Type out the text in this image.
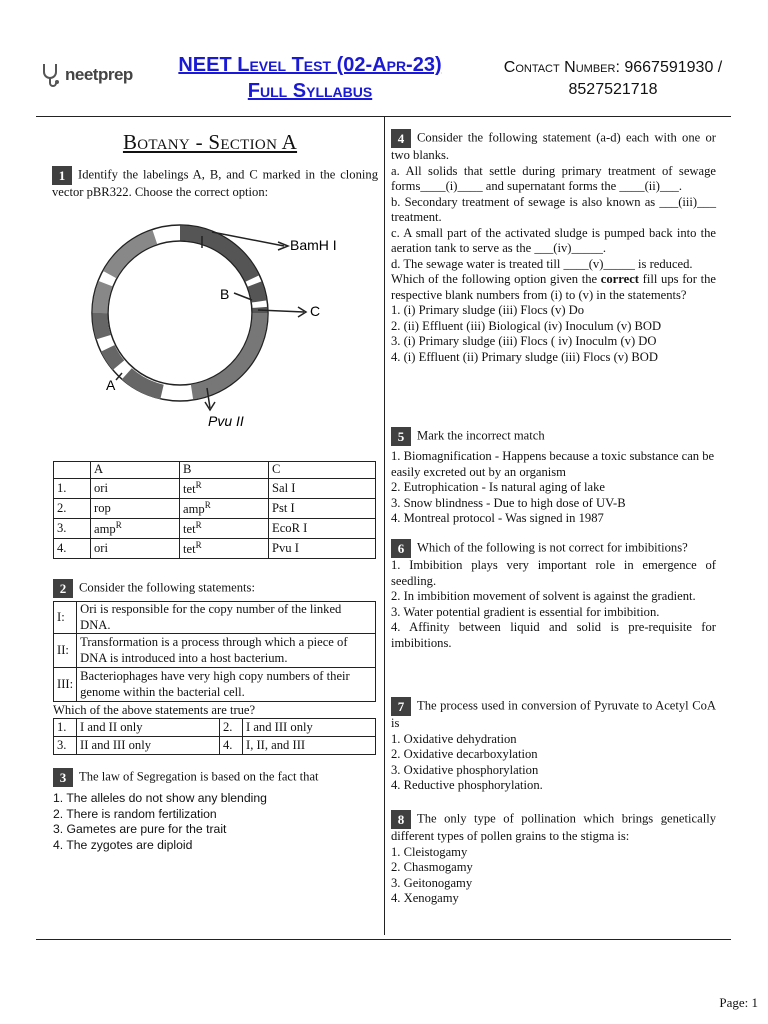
neetprep	NEET Level Test (02-Apr-23)
Full Syllabus
Contact Number: 9667591930 /
8527521718
Botany - Section A
1 Identify the labelings A, B, and C marked in the cloning vector pBR322. Choose the correct option:
BamH I
B
C
A
Pvu II
	A	B	C
1.	ori	tet$^R$	Sal I
2.	rop	amp$^R$	Pst I
3.	amp$^R$	tet$^R$	EcoR I
4.	ori	tet$^R$	Pvu I
2 Consider the following statements:
I:	Ori is responsible for the copy number of the linked DNA.
II:	Transformation is a process through which a piece of DNA is introduced into a host bacterium.
III:	Bacteriophages have very high copy numbers of their genome within the bacterial cell.
Which of the above statements are true?
1.	I and II only	2.	I and III only
3.	II and III only	4.	I, II, and III
3 The law of Segregation is based on the fact that
1. The alleles do not show any blending
2. There is random fertilization
3. Gametes are pure for the trait
4. The zygotes are diploid
4 Consider the following statement (a-d) each with one or two blanks.
a. All solids that settle during primary treatment of sewage forms____(i)____ and supernatant forms the ____(ii)___.
b. Secondary treatment of sewage is also known as ___(iii)___ treatment.
c. A small part of the activated sludge is pumped back into the aeration tank to serve as the ___(iv)_____.
d. The sewage water is treated till ____(v)_____ is reduced.
Which of the following option given the correct fill ups for the respective blank numbers from (i) to (v) in the statements?
1. (i) Primary sludge (iii) Flocs (v) Do
2. (ii) Effluent (iii) Biological (iv) Inoculum (v) BOD
3. (i) Primary sludge (iii) Flocs ( iv) Inoculm (v) DO
4. (i) Effluent (ii) Primary sludge (iii) Flocs (v) BOD
5 Mark the incorrect match
1. Biomagnification - Happens because a toxic substance can be easily excreted out by an organism
2. Eutrophication - Is natural aging of lake
3. Snow blindness - Due to high dose of UV-B
4. Montreal protocol - Was signed in 1987
6 Which of the following is not correct for imbibitions?
1. Imbibition plays very important role in emergence of seedling.
2. In imbibition movement of solvent is against the gradient.
3. Water potential gradient is essential for imbibition.
4. Affinity between liquid and solid is pre-requisite for imbibitions.
7 The process used in conversion of Pyruvate to Acetyl CoA is
1. Oxidative dehydration
2. Oxidative decarboxylation
3. Oxidative phosphorylation
4. Reductive phosphorylation.
8 The only type of pollination which brings genetically different types of pollen grains to the stigma is:
1. Cleistogamy
2. Chasmogamy
3. Geitonogamy
4. Xenogamy
Page: 1
